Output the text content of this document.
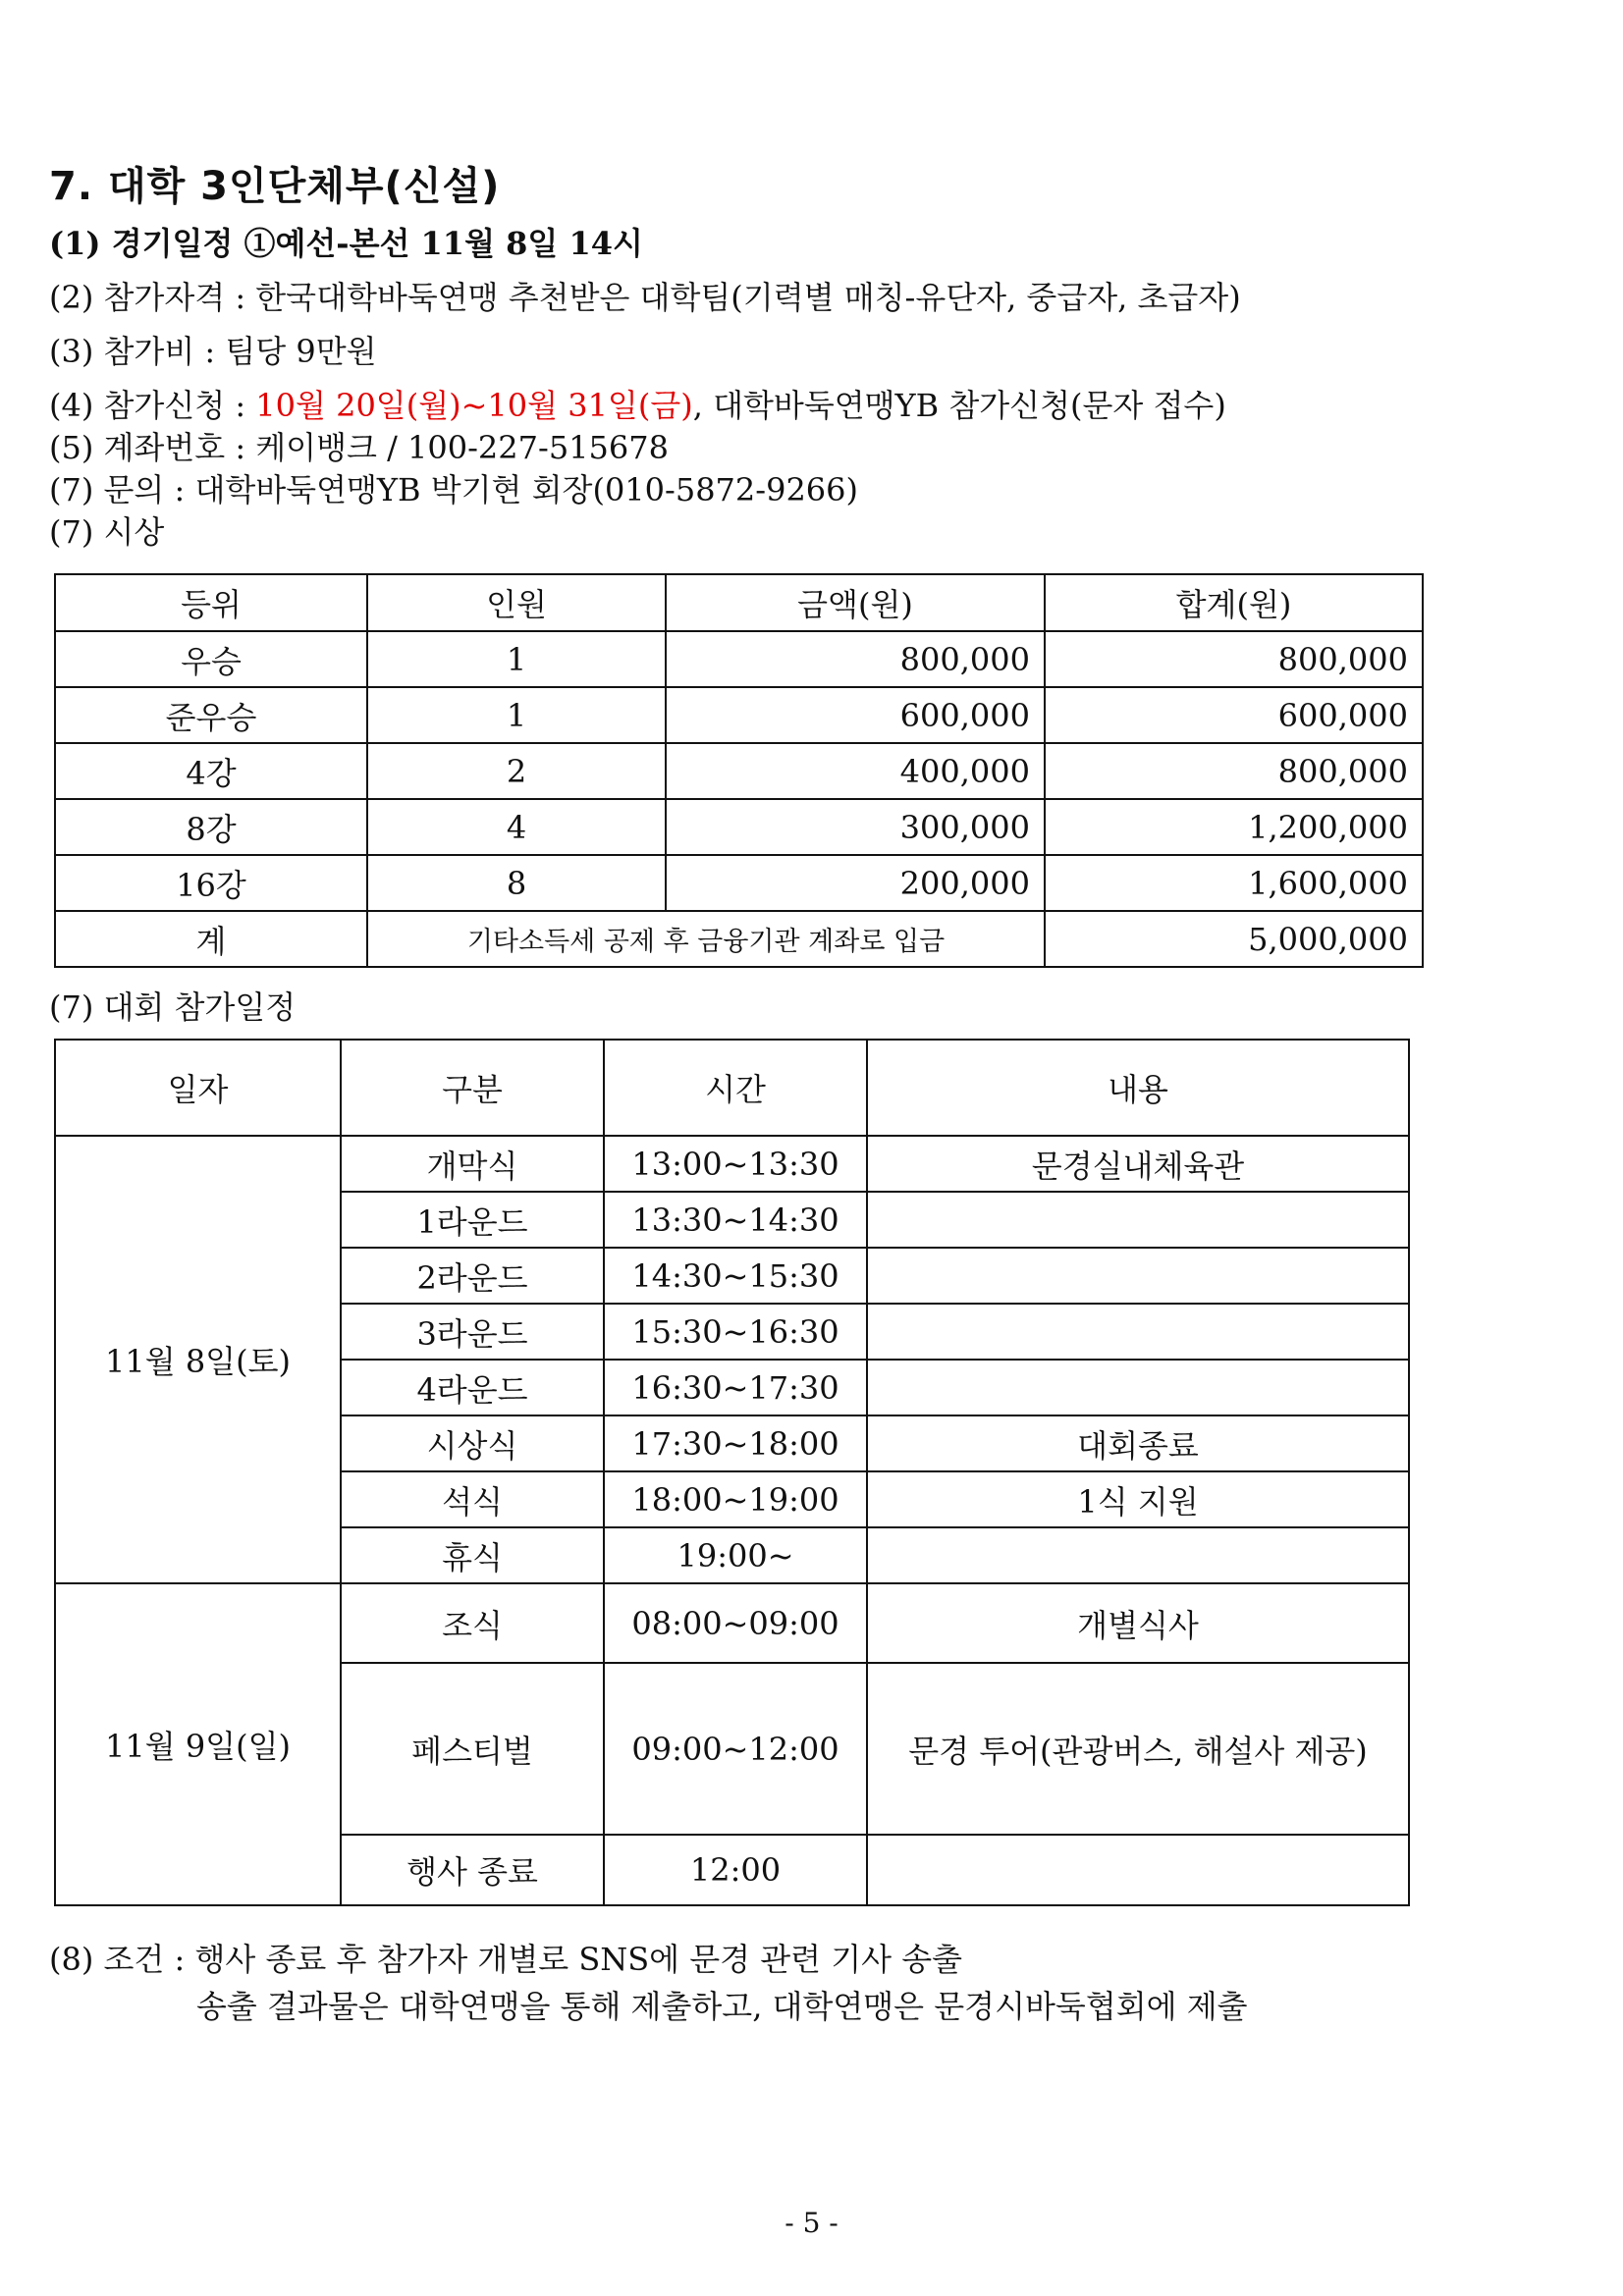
7. 대학 3인단체부(신설)
(1) 경기일정 ①예선-본선 11월 8일 14시
(2) 참가자격 : 한국대학바둑연맹 추천받은 대학팀(기력별 매칭-유단자, 중급자, 초급자)
(3) 참가비 : 팀당 9만원
(4) 참가신청 : 10월 20일(월)~10월 31일(금), 대학바둑연맹YB 참가신청(문자 접수)
(5) 계좌번호 : 케이뱅크 / 100-227-515678
(7) 문의 : 대학바둑연맹YB 박기현 회장(010-5872-9266)
(7) 시상
등위	인원	금액(원)	합계(원)
우승	1	800,000	800,000
준우승	1	600,000	600,000
4강	2	400,000	800,000
8강	4	300,000	1,200,000
16강	8	200,000	1,600,000
계	기타소득세 공제 후 금융기관 계좌로 입금		5,000,000
(7) 대회 참가일정
일자	구분	시간	내용
11월 8일(토)	개막식	13:00~13:30	문경실내체육관
	1라운드	13:30~14:30	
	2라운드	14:30~15:30	
	3라운드	15:30~16:30	
	4라운드	16:30~17:30	
	시상식	17:30~18:00	대회종료
	석식	18:00~19:00	1식 지원
	휴식	19:00~	
11월 9일(일)	조식	08:00~09:00	개별식사
	페스티벌	09:00~12:00	문경 투어(관광버스, 해설사 제공)
	행사 종료	12:00	
(8) 조건 : 행사 종료 후 참가자 개별로 SNS에 문경 관련 기사 송출
송출 결과물은 대학연맹을 통해 제출하고, 대학연맹은 문경시바둑협회에 제출
- 5 -
